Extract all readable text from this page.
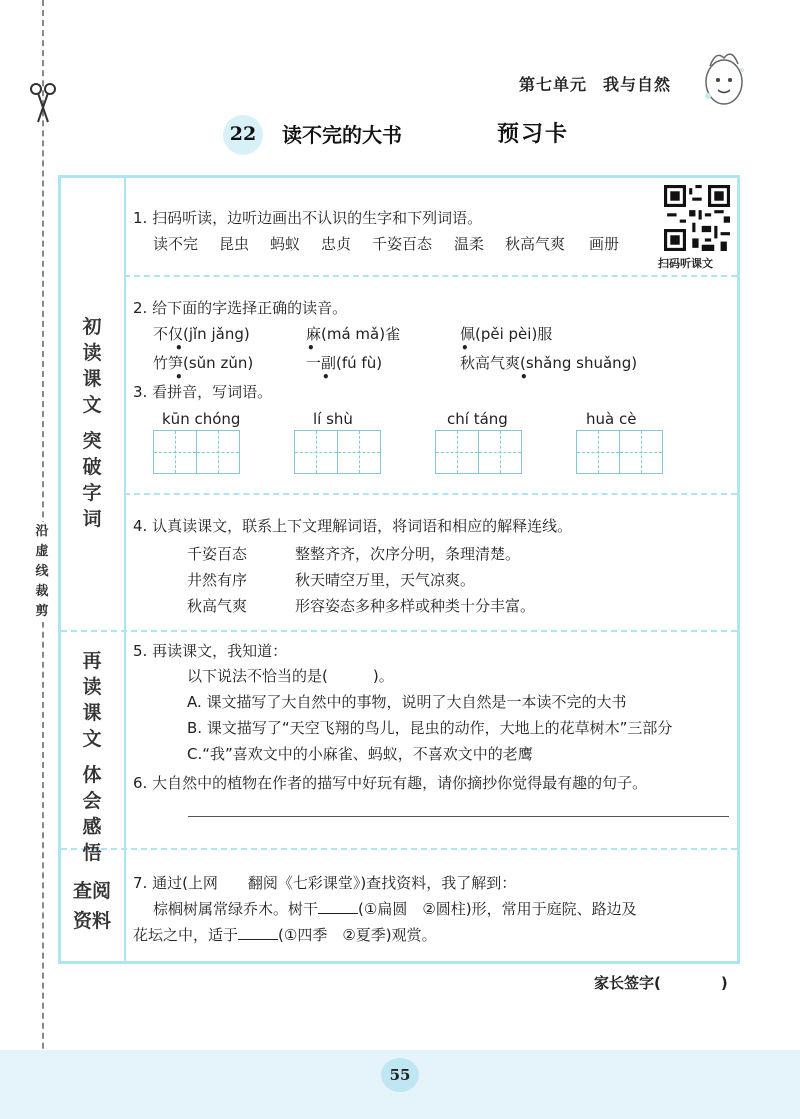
沿
虚
线
裁
剪
第七单元 我与自然
22	读不完的大书	预习卡
初
读
课
文
突
破
字
词
再
读
课
文
体
会
感
悟
查阅
资料
扫码听课文
1. 扫码听读，边听边画出不认识的生字和下列词语。
读不完 昆虫 蚂蚁 忠贞 千姿百态 温柔 秋高气爽 画册
2. 给下面的字选择正确的读音。
不仅(jǐn jǎng)	麻(má mǎ)雀	佩(pěi pèi)服
竹笋(sǔn zǔn)	一副(fú fù)	秋高气爽(shǎng shuǎng)
•	•	•
•	•	•
3. 看拼音，写词语。
kūn chóng	lí shù	chí táng	huà cè
4. 认真读课文，联系上下文理解词语，将词语和相应的解释连线。
千姿百态	整整齐齐，次序分明，条理清楚。
井然有序	秋天晴空万里，天气凉爽。
秋高气爽	形容姿态多种多样或种类十分丰富。
5. 再读课文，我知道：
以下说法不恰当的是(　　　)。
A. 课文描写了大自然中的事物，说明了大自然是一本读不完的大书
B. 课文描写了“天空飞翔的鸟儿，昆虫的动作，大地上的花草树木”三部分
C.“我”喜欢文中的小麻雀、蚂蚁，不喜欢文中的老鹰
6. 大自然中的植物在作者的描写中好玩有趣，请你摘抄你觉得最有趣的句子。
7. 通过(上网　　翻阅《七彩课堂》)查找资料，我了解到：
棕榈树属常绿乔木。树干	(①扁圆　②圆柱)形，常用于庭院、路边及
花坛之中，适于	(①四季　②夏季)观赏。
家长签字(　　　　)
55
